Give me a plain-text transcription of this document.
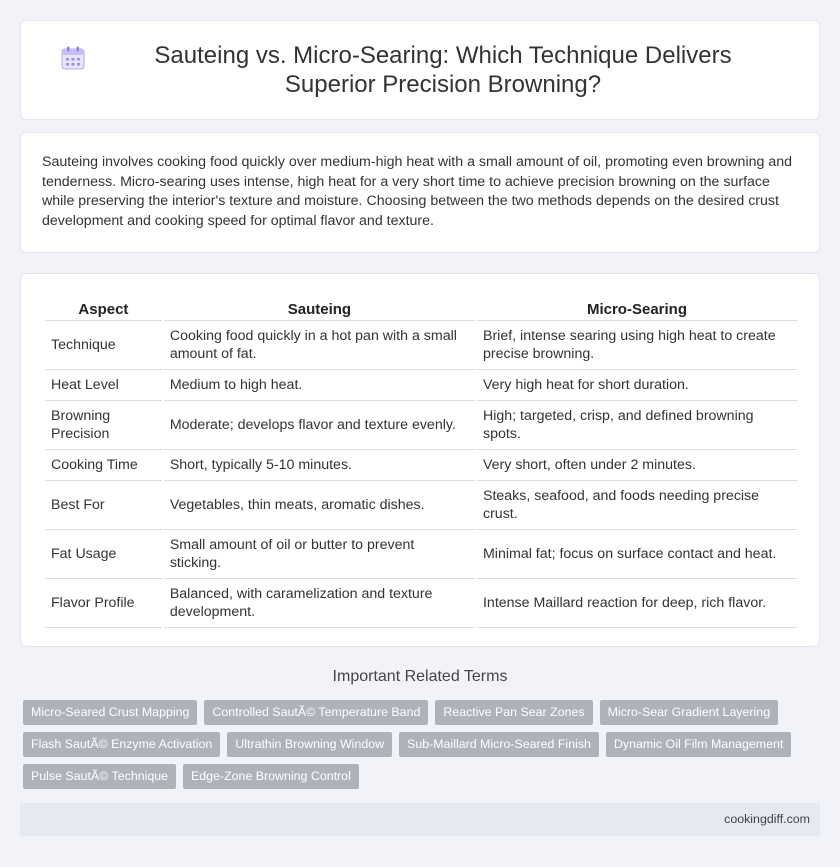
Sauteing vs. Micro-Searing: Which Technique Delivers Superior Precision Browning?

Sauteing involves cooking food quickly over medium-high heat with a small amount of oil, promoting even browning and tenderness. Micro-searing uses intense, high heat for a very short time to achieve precision browning on the surface while preserving the interior's texture and moisture. Choosing between the two methods depends on the desired crust development and cooking speed for optimal flavor and texture.

Aspect	Sauteing	Micro-Searing
Technique	Cooking food quickly in a hot pan with a small amount of fat.	Brief, intense searing using high heat to create precise browning.
Heat Level	Medium to high heat.	Very high heat for short duration.
Browning Precision	Moderate; develops flavor and texture evenly.	High; targeted, crisp, and defined browning spots.
Cooking Time	Short, typically 5-10 minutes.	Very short, often under 2 minutes.
Best For	Vegetables, thin meats, aromatic dishes.	Steaks, seafood, and foods needing precise crust.
Fat Usage	Small amount of oil or butter to prevent sticking.	Minimal fat; focus on surface contact and heat.
Flavor Profile	Balanced, with caramelization and texture development.	Intense Maillard reaction for deep, rich flavor.
Important Related Terms
Micro-Seared Crust Mapping	Controlled SautÃ© Temperature Band	Reactive Pan Sear Zones	Micro-Sear Gradient Layering
Flash SautÃ© Enzyme Activation	Ultrathin Browning Window	Sub-Maillard Micro-Seared Finish	Dynamic Oil Film Management
Pulse SautÃ© Technique	Edge-Zone Browning Control
cookingdiff.com
